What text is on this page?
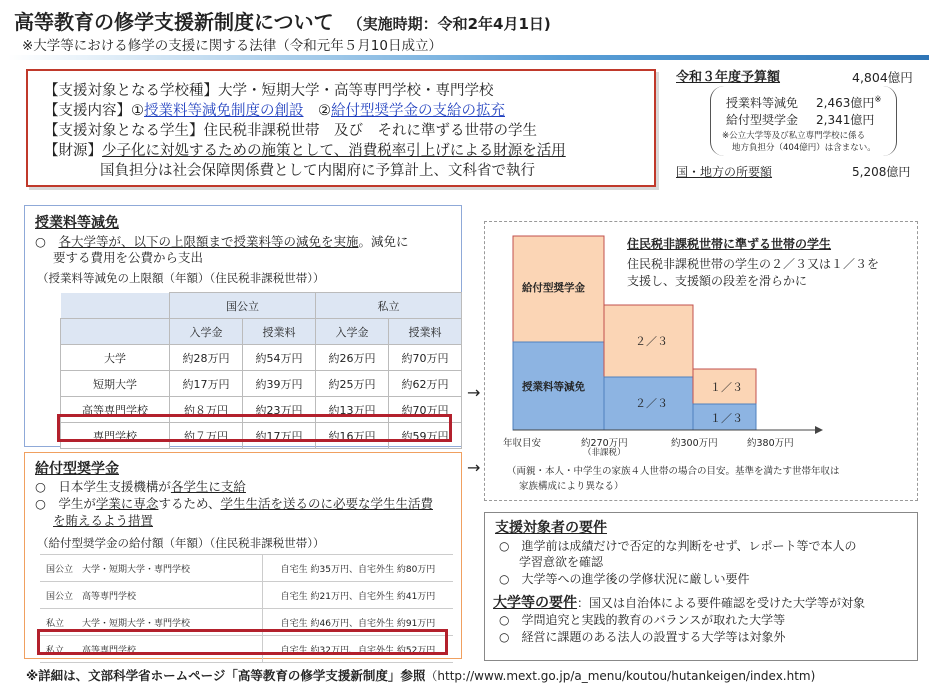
高等教育の修学支援新制度について （実施時期：令和2年4月1日)
※大学等における修学の支援に関する法律（令和元年５月10日成立）
【支援対象となる学校種】大学・短期大学・高等専門学校・専門学校
【支援内容】①授業料等減免制度の創設　②給付型奨学金の支給の拡充
【支援対象となる学生】住民税非課税世帯　及び　それに準ずる世帯の学生
【財源】少子化に対処するための施策として、消費税率引上げによる財源を活用
国負担分は社会保障関係費として内閣府に予算計上、文科省で執行
令和３年度予算額	4,804億円
授業料等減免 2,463億円※
給付型奨学金 2,341億円
※公立大学等及び私立専門学校に係る
地方負担分（404億円）は含まない。
国・地方の所要額	5,208億円
授業料等減免
○　 各大学等が、以下の上限額まで授業料等の減免を実施。減免に
要する費用を公費から支出
（授業料等減免の上限額（年額）（住民税非課税世帯））
	国公立		私立	
	入学金	授業料	入学金	授業料
大学	約28万円	約54万円	約26万円	約70万円
短期大学	約17万円	約39万円	約25万円	約62万円
高等専門学校	約８万円	約23万円	約13万円	約70万円
専門学校	約７万円	約17万円	約16万円	約59万円
給付型奨学金
○　日本学生支援機構が各学生に支給
○　学生が学業に専念するため、学生生活を送るのに必要な学生生活費
を賄えるよう措置
（給付型奨学金の給付額（年額）（住民税非課税世帯））
国公立　大学・短期大学・専門学校	自宅生 約35万円、自宅外生 約80万円
国公立　高等専門学校	自宅生 約21万円、自宅外生 約41万円
私立　　大学・短期大学・専門学校	自宅生 約46万円、自宅外生 約91万円
私立　　高等専門学校	自宅生 約32万円、自宅外生 約52万円
→
→
給付型奨学金
授業料等減免
２／３
２／３
１／３
１／３
住民税非課税世帯に準ずる世帯の学生
住民税非課税世帯の学生の２／３又は１／３を
支援し、支援額の段差を滑らかに
年収目安	約270万円
（非課税）
約300万円	約380万円
（両親・本人・中学生の家族４人世帯の場合の目安。基準を満たす世帯年収は
家族構成により異なる）
支援対象者の要件
○　進学前は成績だけで否定的な判断をせず、レポート等で本人の
学習意欲を確認
○　大学等への進学後の学修状況に厳しい要件
大学等の要件：国又は自治体による要件確認を受けた大学等が対象
○　学問追究と実践的教育のバランスが取れた大学等
○　経営に課題のある法人の設置する大学等は対象外
※詳細は、文部科学省ホームページ「高等教育の修学支援新制度」参照（http://www.mext.go.jp/a_menu/koutou/hutankeigen/index.htm)
